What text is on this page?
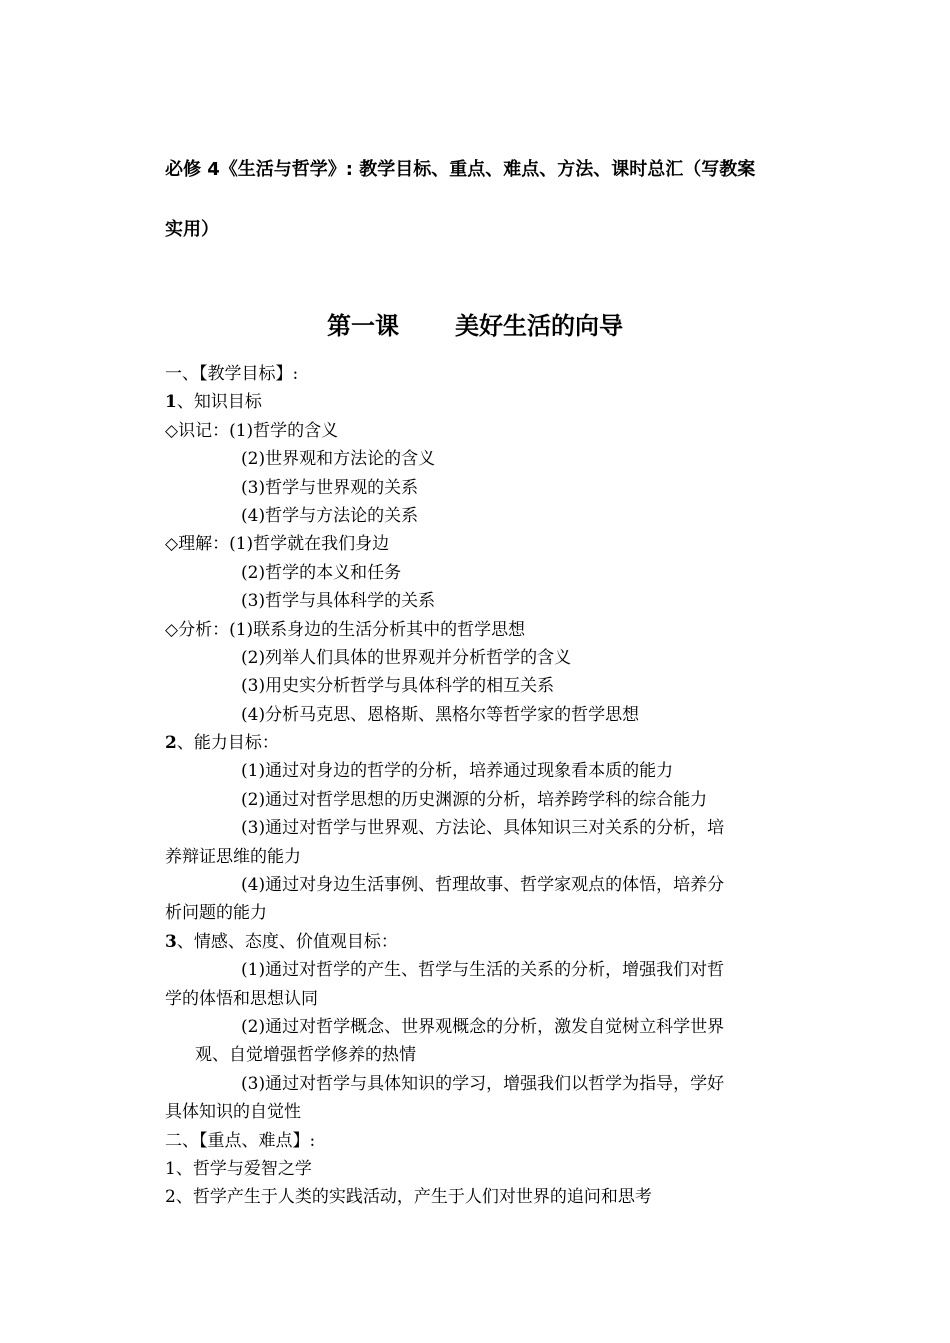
必修 4《生活与哲学》: 教学目标、重点、难点、方法、课时总汇（写教案
实用）
第一课 美好生活的向导
一、【教学目标】:
1、知识目标
◇识记：(1)哲学的含义
(2)世界观和方法论的含义
(3)哲学与世界观的关系
(4)哲学与方法论的关系
◇理解：(1)哲学就在我们身边
(2)哲学的本义和任务
(3)哲学与具体科学的关系
◇分析：(1)联系身边的生活分析其中的哲学思想
(2)列举人们具体的世界观并分析哲学的含义
(3)用史实分析哲学与具体科学的相互关系
(4)分析马克思、恩格斯、黑格尔等哲学家的哲学思想
2、能力目标：
(1)通过对身边的哲学的分析，培养通过现象看本质的能力
(2)通过对哲学思想的历史渊源的分析，培养跨学科的综合能力
(3)通过对哲学与世界观、方法论、具体知识三对关系的分析，培
养辩证思维的能力
(4)通过对身边生活事例、哲理故事、哲学家观点的体悟，培养分
析问题的能力
3、情感、态度、价值观目标：
(1)通过对哲学的产生、哲学与生活的关系的分析，增强我们对哲
学的体悟和思想认同
(2)通过对哲学概念、世界观概念的分析，激发自觉树立科学世界
观、自觉增强哲学修养的热情
(3)通过对哲学与具体知识的学习，增强我们以哲学为指导，学好
具体知识的自觉性
二、【重点、难点】:
1、哲学与爱智之学
2、哲学产生于人类的实践活动，产生于人们对世界的追问和思考
